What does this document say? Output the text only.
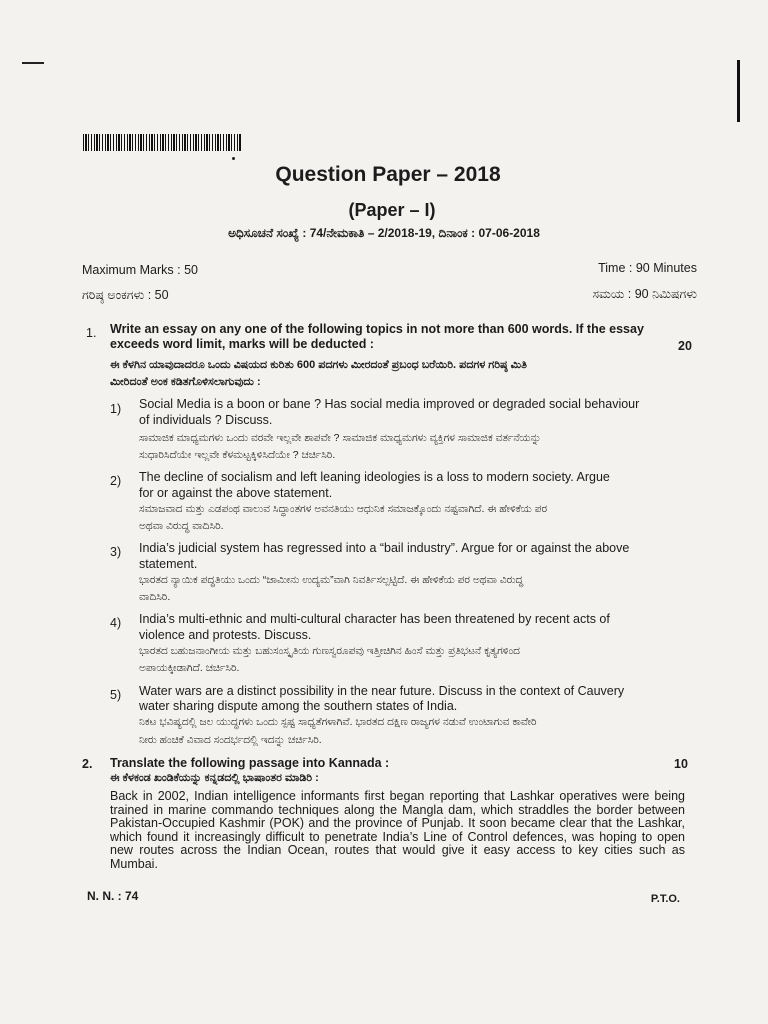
Question Paper – 2018
(Paper – I)
ಅಧಿಸೂಚನೆ ಸಂಖ್ಯೆ : 74/ನೇಮಕಾತಿ – 2/2018-19, ದಿನಾಂಕ : 07-06-2018
Maximum Marks : 50	Time : 90 Minutes
ಗರಿಷ್ಠ ಅಂಕಗಳು : 50	ಸಮಯ : 90 ನಿಮಿಷಗಳು
1. Write an essay on any one of the following topics in not more than 600 words. If the essay exceeds word limit, marks will be deducted :	20
ಈ ಕೆಳಗಿನ ಯಾವುದಾದರೂ ಒಂದು ವಿಷಯದ ಕುರಿತು 600 ಪದಗಳು ಮೀರದಂತೆ ಪ್ರಬಂಧ ಬರೆಯಿರಿ. ಪದಗಳ ಗರಿಷ್ಠ ಮಿತಿ
ಮೀರಿದಂತೆ ಅಂಕ ಕಡಿತಗೊಳಿಸಲಾಗುವುದು :
1) Social Media is a boon or bane ? Has social media improved or degraded social behaviour
of individuals ? Discuss.
ಸಾಮಾಜಿಕ ಮಾಧ್ಯಮಗಳು ಒಂದು ವರವೇ ಇಲ್ಲವೇ ಶಾಪವೇ ? ಸಾಮಾಜಿಕ ಮಾಧ್ಯಮಗಳು ವ್ಯಕ್ತಿಗಳ ಸಾಮಾಜಿಕ ವರ್ತನೆಯನ್ನು
ಸುಧಾರಿಸಿದೆಯೇ ಇಲ್ಲವೇ ಕೆಳಮಟ್ಟಕ್ಕಿಳಿಸಿದೆಯೇ ? ಚರ್ಚಿಸಿರಿ.
2) The decline of socialism and left leaning ideologies is a loss to modern society. Argue
for or against the above statement.
ಸಮಾಜವಾದ ಮತ್ತು ಎಡಪಂಥ ವಾಲುವ ಸಿದ್ಧಾಂತಗಳ ಅವನತಿಯು ಆಧುನಿಕ ಸಮಾಜಕ್ಕೊಂದು ನಷ್ಟವಾಗಿದೆ. ಈ ಹೇಳಿಕೆಯ ಪರ
ಅಥವಾ ವಿರುದ್ಧ ವಾದಿಸಿರಿ.
3) India’s judicial system has regressed into a “bail industry”. Argue for or against the above
statement.
ಭಾರತದ ನ್ಯಾಯಿಕ ಪದ್ಧತಿಯು ಒಂದು “ಜಾಮೀನು ಉದ್ಯಮ”ವಾಗಿ ನಿವರ್ತಿಸಲ್ಪಟ್ಟಿದೆ. ಈ ಹೇಳಿಕೆಯ ಪರ ಅಥವಾ ವಿರುದ್ಧ
ವಾದಿಸಿರಿ.
4) India’s multi-ethnic and multi-cultural character has been threatened by recent acts of
violence and protests. Discuss.
ಭಾರತದ ಬಹುಜನಾಂಗೀಯ ಮತ್ತು ಬಹುಸಂಸ್ಕೃತಿಯ ಗುಣಸ್ವರೂಪವು ಇತ್ತೀಚಿಗಿನ ಹಿಂಸೆ ಮತ್ತು ಪ್ರತಿಭಟನೆ ಕೃತ್ಯಗಳಿಂದ
ಅಪಾಯಕ್ಕೀಡಾಗಿದೆ. ಚರ್ಚಿಸಿರಿ.
5) Water wars are a distinct possibility in the near future. Discuss in the context of Cauvery
water sharing dispute among the southern states of India.
ನಿಕಟ ಭವಿಷ್ಯದಲ್ಲಿ ಜಲ ಯುದ್ಧಗಳು ಒಂದು ಸ್ಪಷ್ಟ ಸಾಧ್ಯತೆಗಳಾಗಿವೆ. ಭಾರತದ ದಕ್ಷಿಣ ರಾಜ್ಯಗಳ ನಡುವೆ ಉಂಟಾಗುವ ಕಾವೇರಿ
ನೀರು ಹಂಚಿಕೆ ವಿವಾದ ಸಂದರ್ಭದಲ್ಲಿ ಇದನ್ನು ಚರ್ಚಿಸಿರಿ.
2. Translate the following passage into Kannada :	10
ಈ ಕೆಳಕಂಡ ಖಂಡಿಕೆಯನ್ನು ಕನ್ನಡದಲ್ಲಿ ಭಾಷಾಂತರ ಮಾಡಿರಿ :
Back in 2002, Indian intelligence informants first began reporting that Lashkar operatives were being trained in marine commando techniques along the Mangla dam, which straddles the border between Pakistan-Occupied Kashmir (POK) and the province of Punjab. It soon became clear that the Lashkar, which found it increasingly difficult to penetrate India’s Line of Control defences, was hoping to open new routes across the Indian Ocean, routes that would give it easy access to key cities such as Mumbai.
N. N. : 74	P.T.O.
